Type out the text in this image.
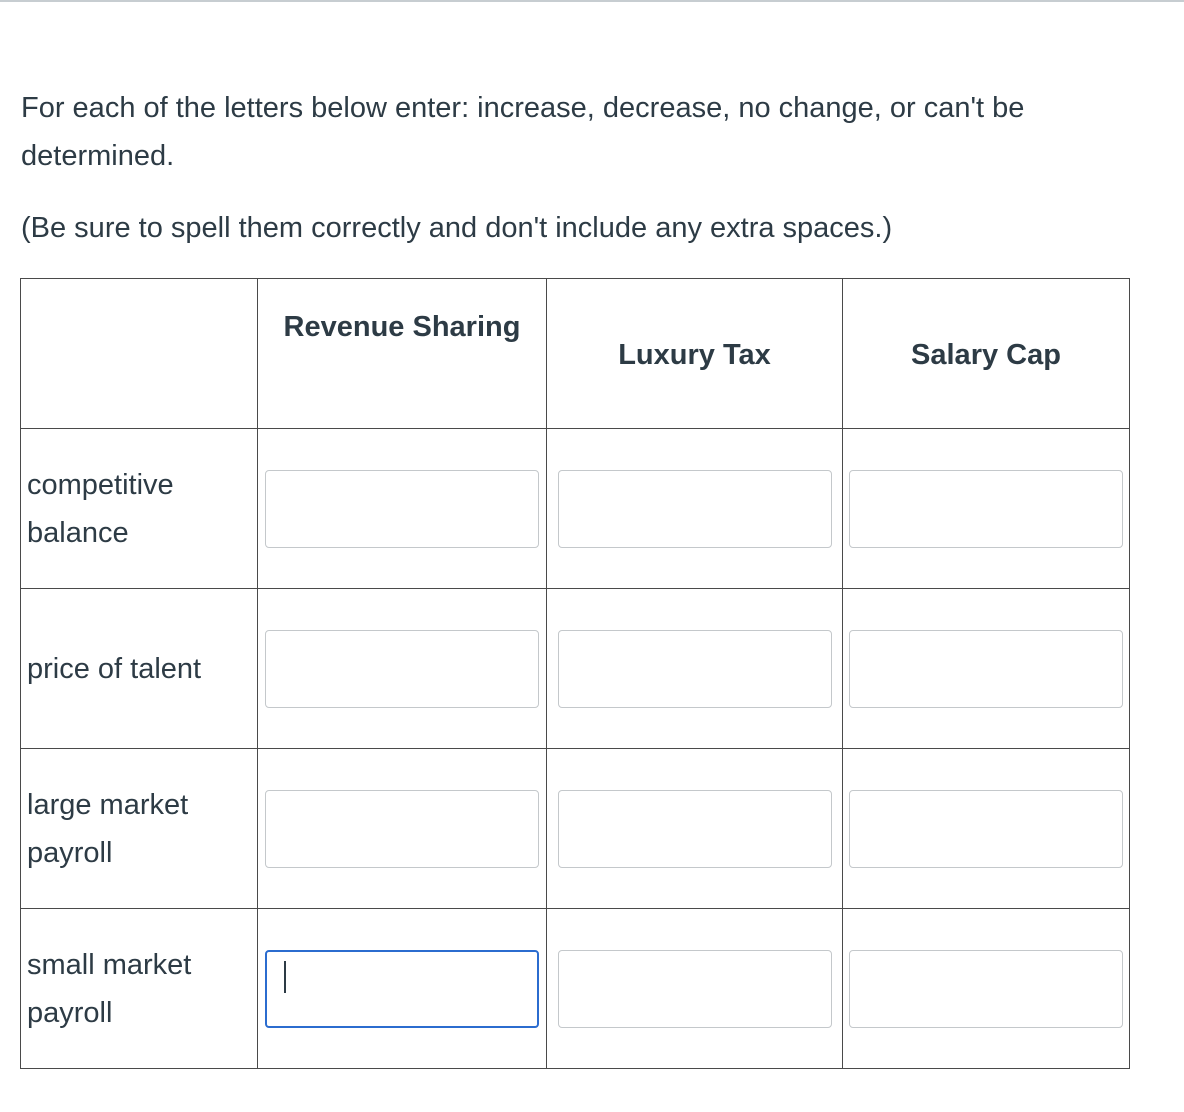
For each of the letters below enter: increase, decrease, no change, or can't be determined.

(Be sure to spell them correctly and don't include any extra spaces.)

	Revenue Sharing	Luxury Tax	Salary Cap
competitive balance	

price of talent	

large market payroll	

small market payroll	
